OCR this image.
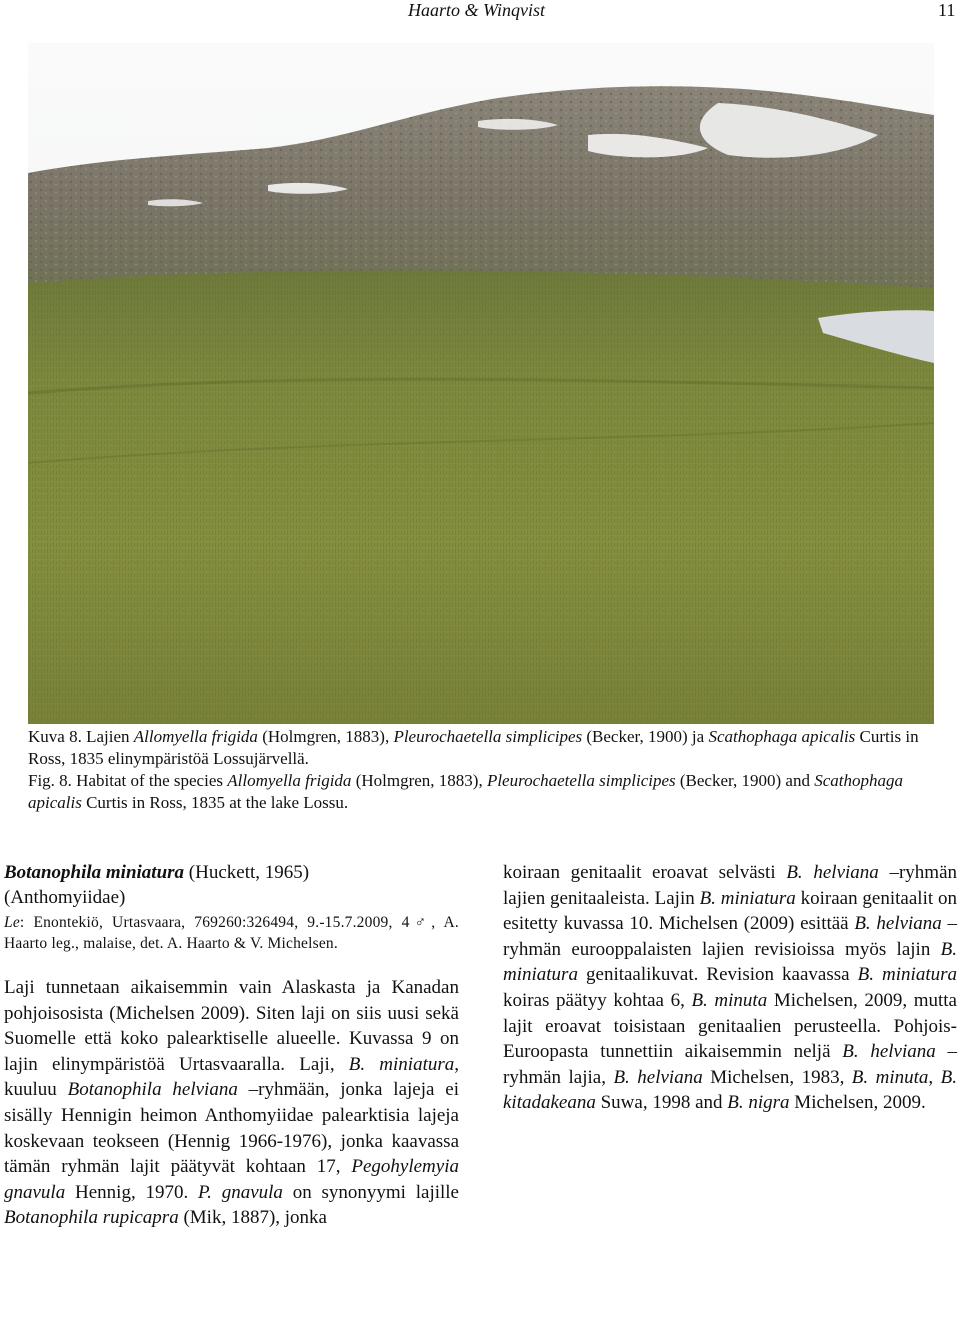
Haarto & Winqvist	11
Kuva 8. Lajien Allomyella frigida (Holmgren, 1883), Pleurochaetella simplicipes (Becker, 1900) ja Scathophaga apicalis Curtis in Ross, 1835 elinympäristöä Lossujärvellä.
Fig. 8. Habitat of the species Allomyella frigida (Holmgren, 1883), Pleurochaetella simplicipes (Becker, 1900) and Scathophaga apicalis Curtis in Ross, 1835 at the lake Lossu.
Botanophila miniatura (Huckett, 1965)
(Anthomyiidae)
Le: Enontekiö, Urtasvaara, 769260:326494, 9.-15.7.2009, 4♂, A. Haarto leg., malaise, det. A. Haarto & V. Michelsen.
Laji tunnetaan aikaisemmin vain Alaskasta ja Kanadan pohjoisosista (Michelsen 2009). Siten laji on siis uusi sekä Suomelle että koko palearktiselle alueelle. Kuvassa 9 on lajin elinympäristöä Urtasvaaralla. Laji, B. miniatura, kuuluu Botanophila helviana –ryhmään, jonka lajeja ei sisälly Hennigin heimon Anthomyiidae palearktisia lajeja koskevaan teokseen (Hennig 1966-1976), jonka kaavassa tämän ryhmän lajit päätyvät kohtaan 17, Pegohylemyia gnavula Hennig, 1970. P. gnavula on synonyymi lajille Botanophila rupicapra (Mik, 1887), jonka
koiraan genitaalit eroavat selvästi B. helviana –ryhmän lajien genitaaleista. Lajin B. miniatura koiraan genitaalit on esitetty kuvassa 10. Michelsen (2009) esittää B. helviana –ryhmän eurooppalaisten lajien revisioissa myös lajin B. miniatura genitaalikuvat. Revision kaavassa B. miniatura koiras päätyy kohtaa 6, B. minuta Michelsen, 2009, mutta lajit eroavat toisistaan genitaalien perusteella. Pohjois-Euroopasta tunnettiin aikaisemmin neljä B. helviana –ryhmän lajia, B. helviana Michelsen, 1983, B. minuta, B. kitadakeana Suwa, 1998 and B. nigra Michelsen, 2009.
